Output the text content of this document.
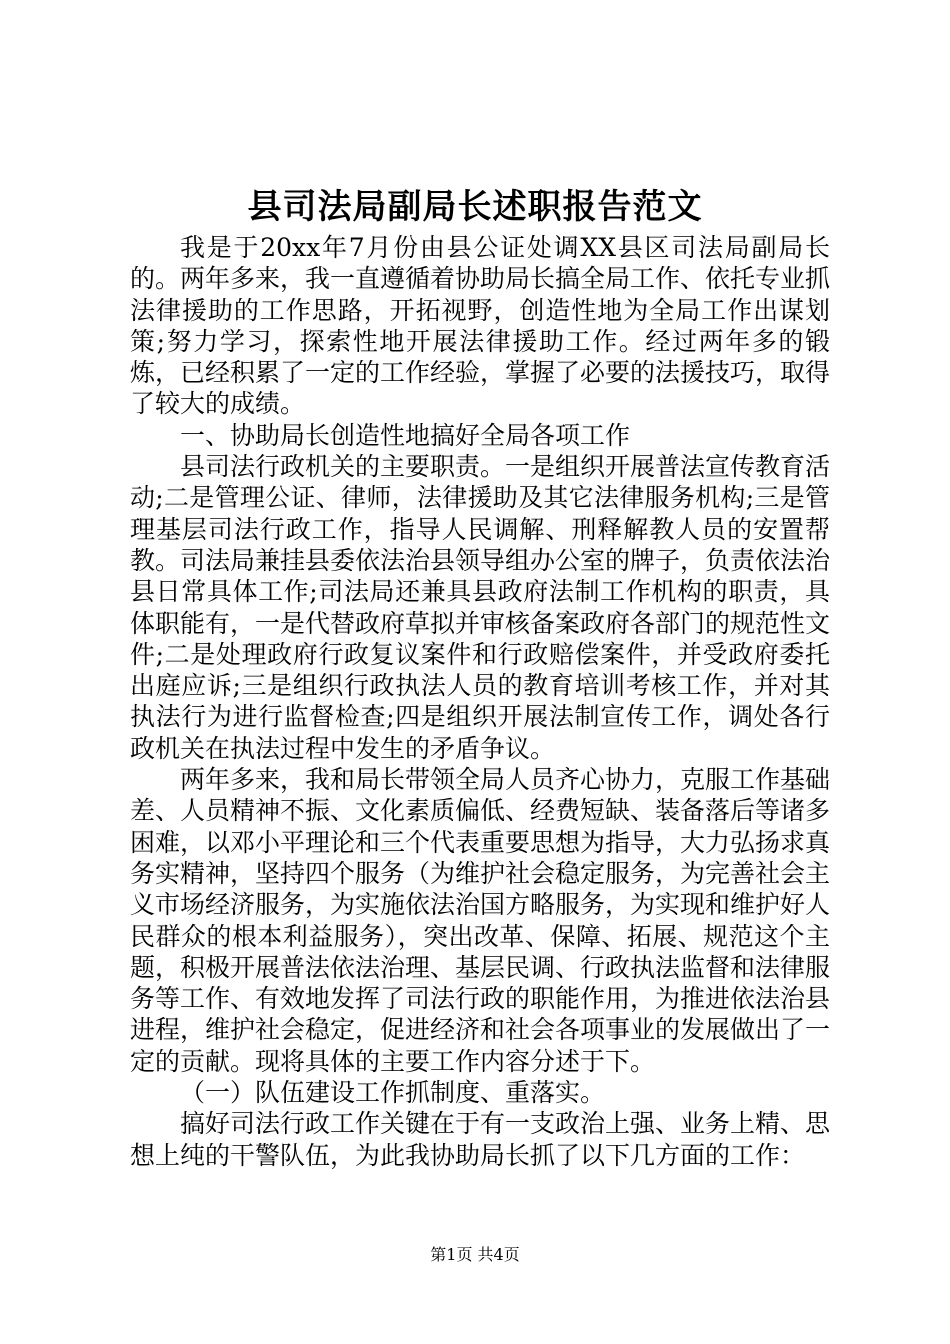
县司法局副局长述职报告范文

我是于20xx年7月份由县公证处调XX县区司法局副局长的。两年多来，我一直遵循着协助局长搞全局工作、依托专业抓法律援助的工作思路，开拓视野，创造性地为全局工作出谋划策;努力学习，探索性地开展法律援助工作。经过两年多的锻炼，已经积累了一定的工作经验，掌握了必要的法援技巧，取得了较大的成绩。

一、协助局长创造性地搞好全局各项工作

县司法行政机关的主要职责。一是组织开展普法宣传教育活动;二是管理公证、律师，法律援助及其它法律服务机构;三是管理基层司法行政工作，指导人民调解、刑释解教人员的安置帮教。司法局兼挂县委依法治县领导组办公室的牌子，负责依法治县日常具体工作;司法局还兼具县政府法制工作机构的职责，具体职能有，一是代替政府草拟并审核备案政府各部门的规范性文件;二是处理政府行政复议案件和行政赔偿案件，并受政府委托出庭应诉;三是组织行政执法人员的教育培训考核工作，并对其执法行为进行监督检查;四是组织开展法制宣传工作，调处各行政机关在执法过程中发生的矛盾争议。

两年多来，我和局长带领全局人员齐心协力，克服工作基础差、人员精神不振、文化素质偏低、经费短缺、装备落后等诸多困难，以邓小平理论和三个代表重要思想为指导，大力弘扬求真务实精神，坚持四个服务（为维护社会稳定服务，为完善社会主义市场经济服务，为实施依法治国方略服务，为实现和维护好人民群众的根本利益服务），突出改革、保障、拓展、规范这个主题，积极开展普法依法治理、基层民调、行政执法监督和法律服务等工作、有效地发挥了司法行政的职能作用，为推进依法治县进程，维护社会稳定，促进经济和社会各项事业的发展做出了一定的贡献。现将具体的主要工作内容分述于下。

（一）队伍建设工作抓制度、重落实。

搞好司法行政工作关键在于有一支政治上强、业务上精、思想上纯的干警队伍，为此我协助局长抓了以下几方面的工作：

第1页 共4页
